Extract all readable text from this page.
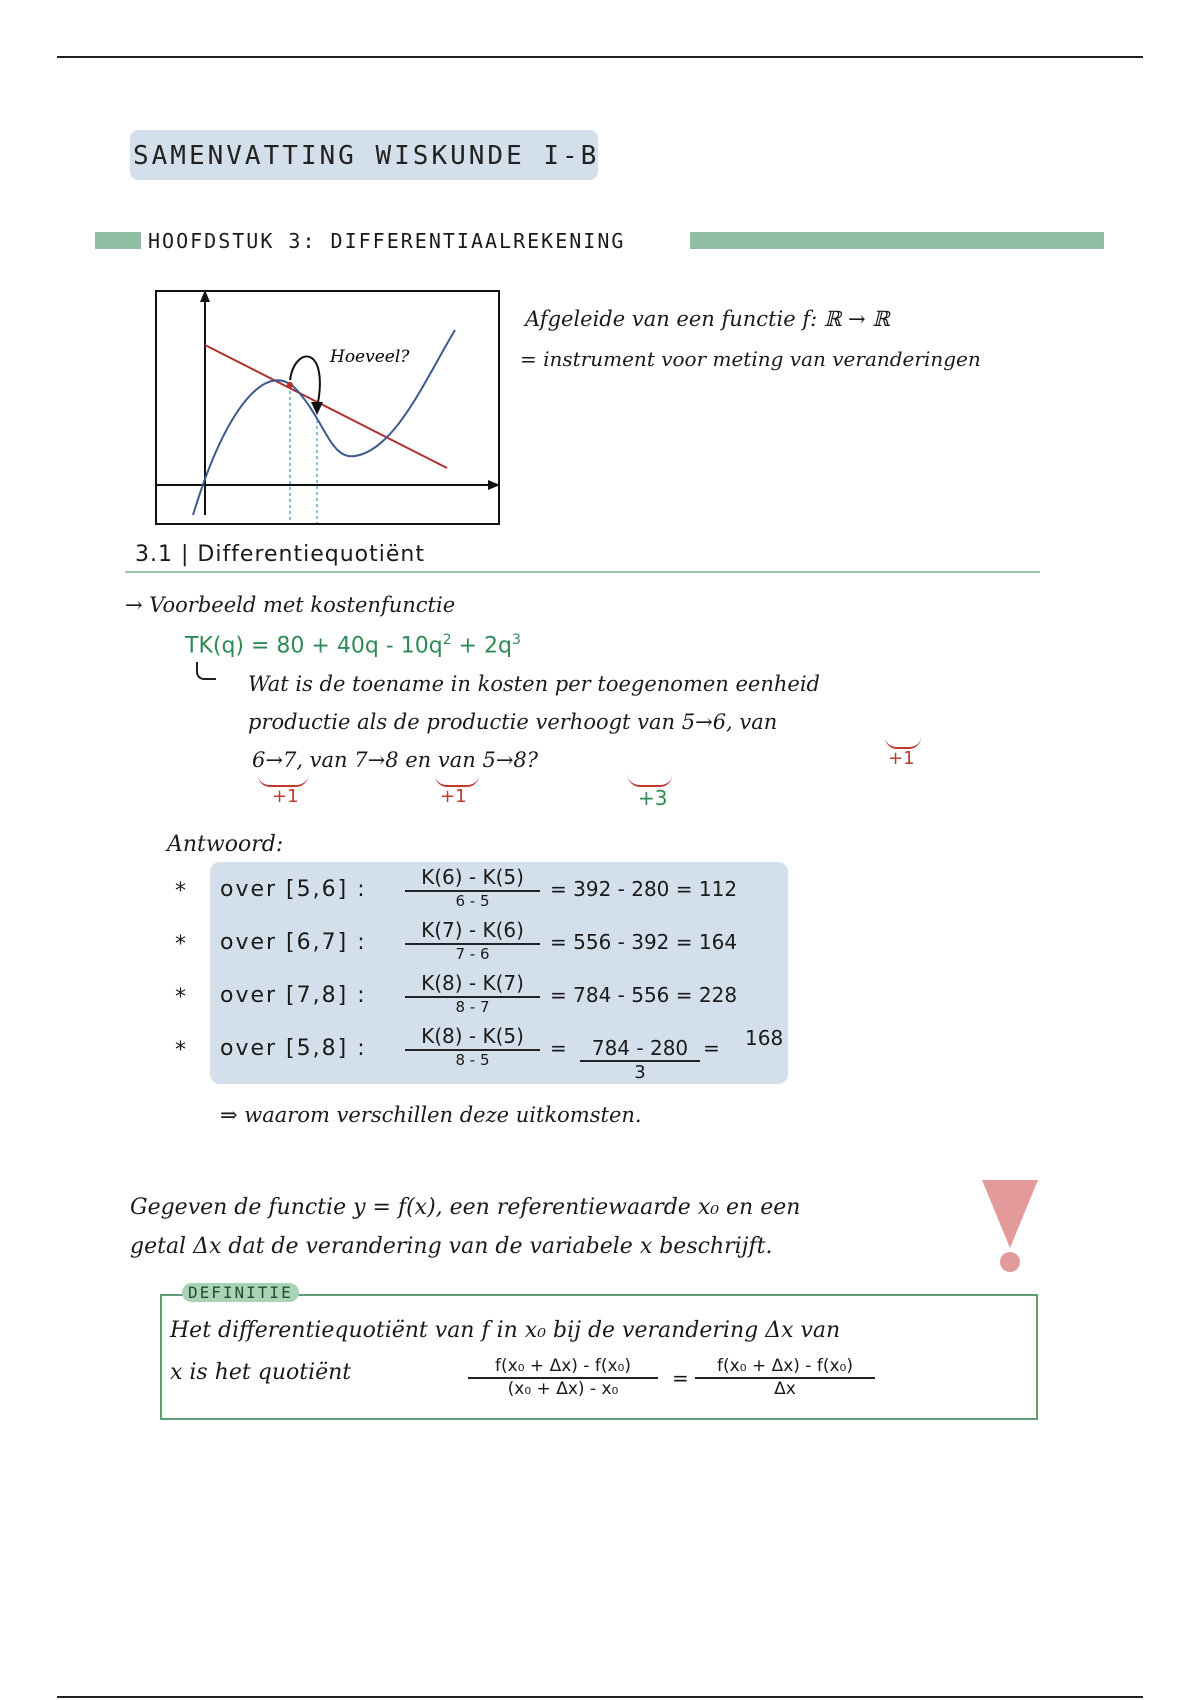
SAMENVATTING WISKUNDE I-B
HOOFDSTUK 3: DIFFERENTIAALREKENING
Hoeveel?
Afgeleide van een functie f: ℝ → ℝ
= instrument voor meting van veranderingen
3.1 | Differentiequotiënt
→ Voorbeeld met kostenfunctie
$TK(q) = 80 + 40q - 10q^2 + 2q^3$
Wat is de toename in kosten per toegenomen eenheid
productie als de productie verhoogt van 5→6, van
6→7, van 7→8 en van 5→8?	+1
+1	+1	+3
Antwoord:
* over [5,6] :	K(6) - K(5)
6 - 5	= 392 - 280 = 112
* over [6,7] :	K(7) - K(6)
7 - 6	= 556 - 392 = 164
* over [7,8] :	K(8) - K(7)
8 - 7	= 784 - 556 = 228
* over [5,8] :	K(8) - K(5)
8 - 5	= $\frac{784 - 280}{3} = 168$
⇒ waarom verschillen deze uitkomsten.
Gegeven de functie y = f(x), een referentiewaarde x₀ en een
getal Δx dat de verandering van de variabele x beschrijft.
DEFINITIE
Het differentiequotiënt van f in x₀ bij de verandering Δx van
x is het quotiënt	$\frac{\text{f(x₀ + Δx) - f(x₀)}}{\text{(x₀ + Δx) - x₀}} = \frac{\text{f(x₀ + Δx) - f(x₀)}}{\Delta x}$
